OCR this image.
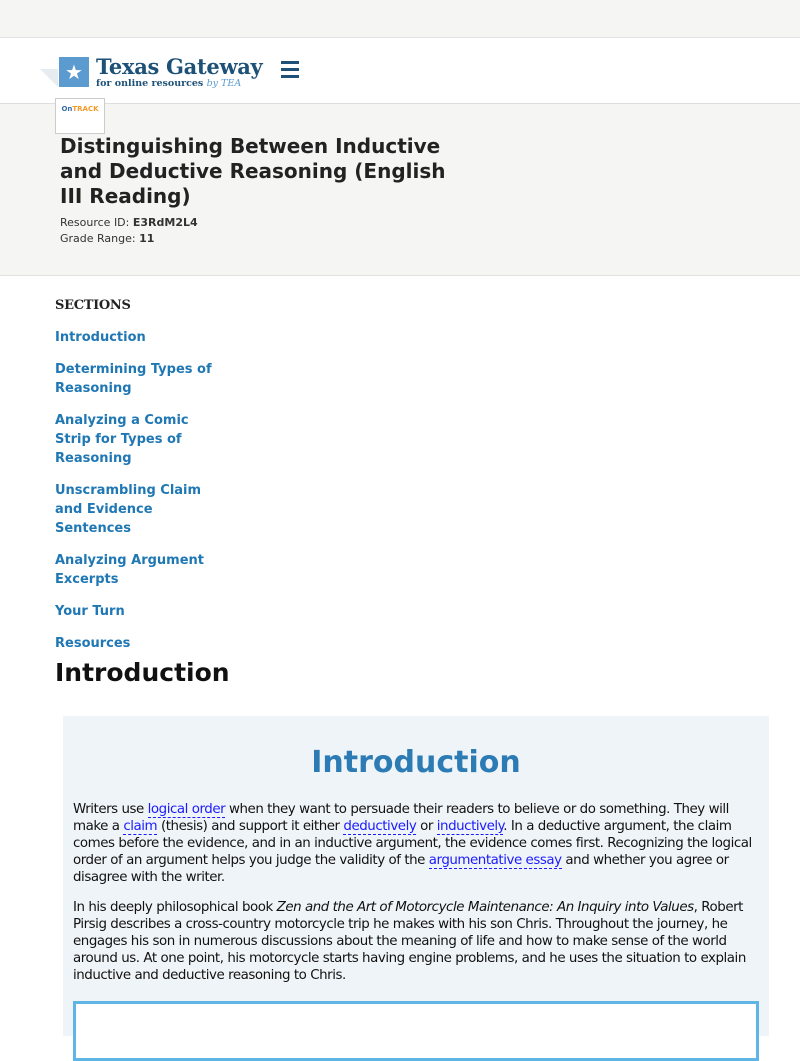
★ Texas Gateway
for online resources by TEA
OnTRACK
Distinguishing Between Inductive and Deductive Reasoning (English III Reading)
Resource ID: E3RdM2L4
Grade Range: 11
SECTIONS
Introduction
Determining Types of Reasoning
Analyzing a Comic Strip for Types of Reasoning
Unscrambling Claim and Evidence Sentences
Analyzing Argument Excerpts
Your Turn
Resources
Introduction
Introduction

Writers use logical order when they want to persuade their readers to believe or do something. They will make a claim (thesis) and support it either deductively or inductively. In a deductive argument, the claim comes before the evidence, and in an inductive argument, the evidence comes first. Recognizing the logical order of an argument helps you judge the validity of the argumentative essay and whether you agree or disagree with the writer.

In his deeply philosophical book Zen and the Art of Motorcycle Maintenance: An Inquiry into Values, Robert Pirsig describes a cross-country motorcycle trip he makes with his son Chris. Throughout the journey, he engages his son in numerous discussions about the meaning of life and how to make sense of the world around us. At one point, his motorcycle starts having engine problems, and he uses the situation to explain inductive and deductive reasoning to Chris.
